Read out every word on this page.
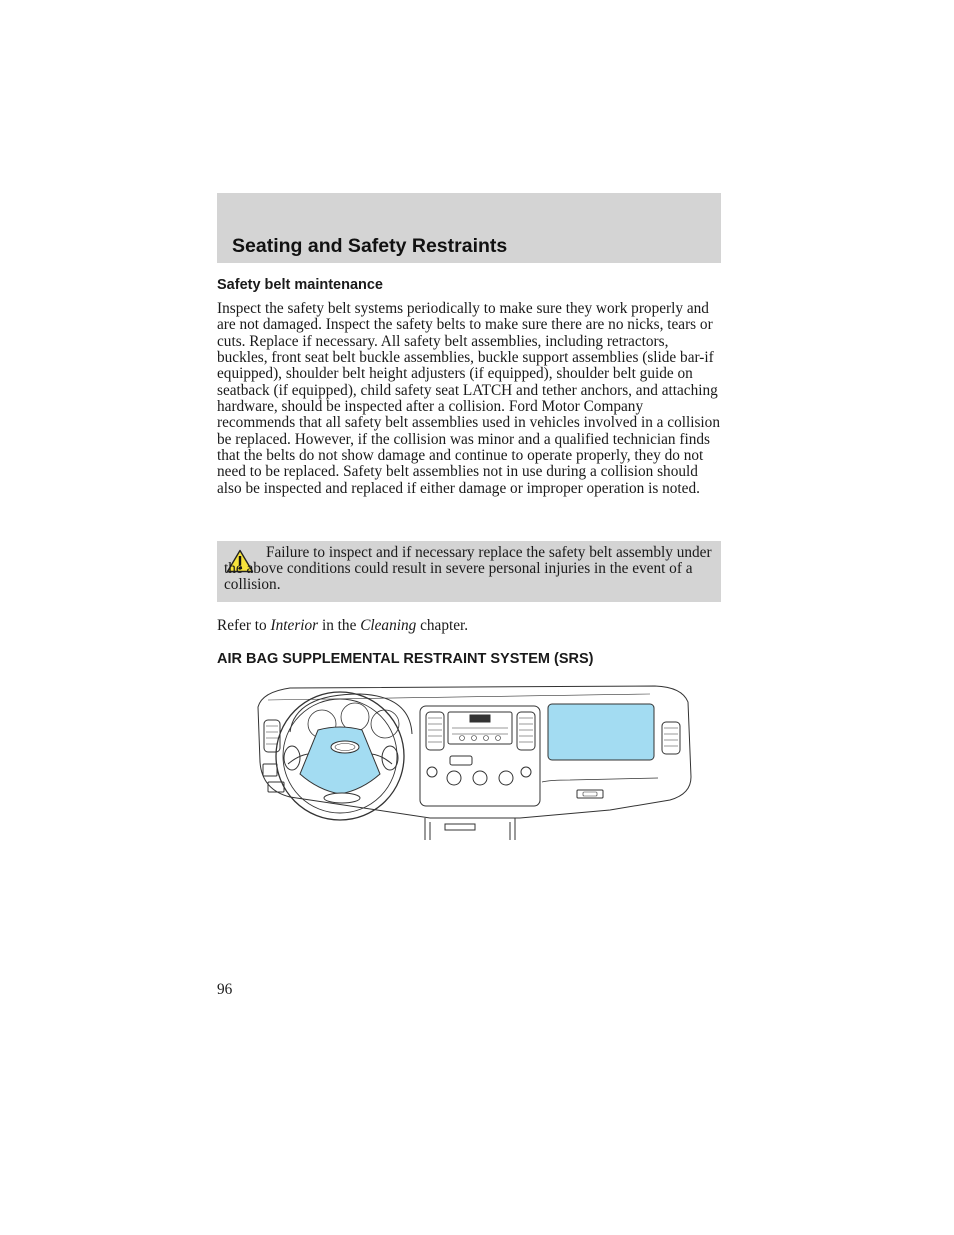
Seating and Safety Restraints
Safety belt maintenance

Inspect the safety belt systems periodically to make sure they work properly and are not damaged. Inspect the safety belts to make sure there are no nicks, tears or cuts. Replace if necessary. All safety belt assemblies, including retractors, buckles, front seat belt buckle assemblies, buckle support assemblies (slide bar-if equipped), shoulder belt height adjusters (if equipped), shoulder belt guide on seatback (if equipped), child safety seat LATCH and tether anchors, and attaching hardware, should be inspected after a collision. Ford Motor Company recommends that all safety belt assemblies used in vehicles involved in a collision be replaced. However, if the collision was minor and a qualified technician finds that the belts do not show damage and continue to operate properly, they do not need to be replaced. Safety belt assemblies not in use during a collision should also be inspected and replaced if either damage or improper operation is noted.

Failure to inspect and if necessary replace the safety belt assembly under the above conditions could result in severe personal injuries in the event of a collision.

Refer to Interior in the Cleaning chapter.

AIR BAG SUPPLEMENTAL RESTRAINT SYSTEM (SRS)

96
